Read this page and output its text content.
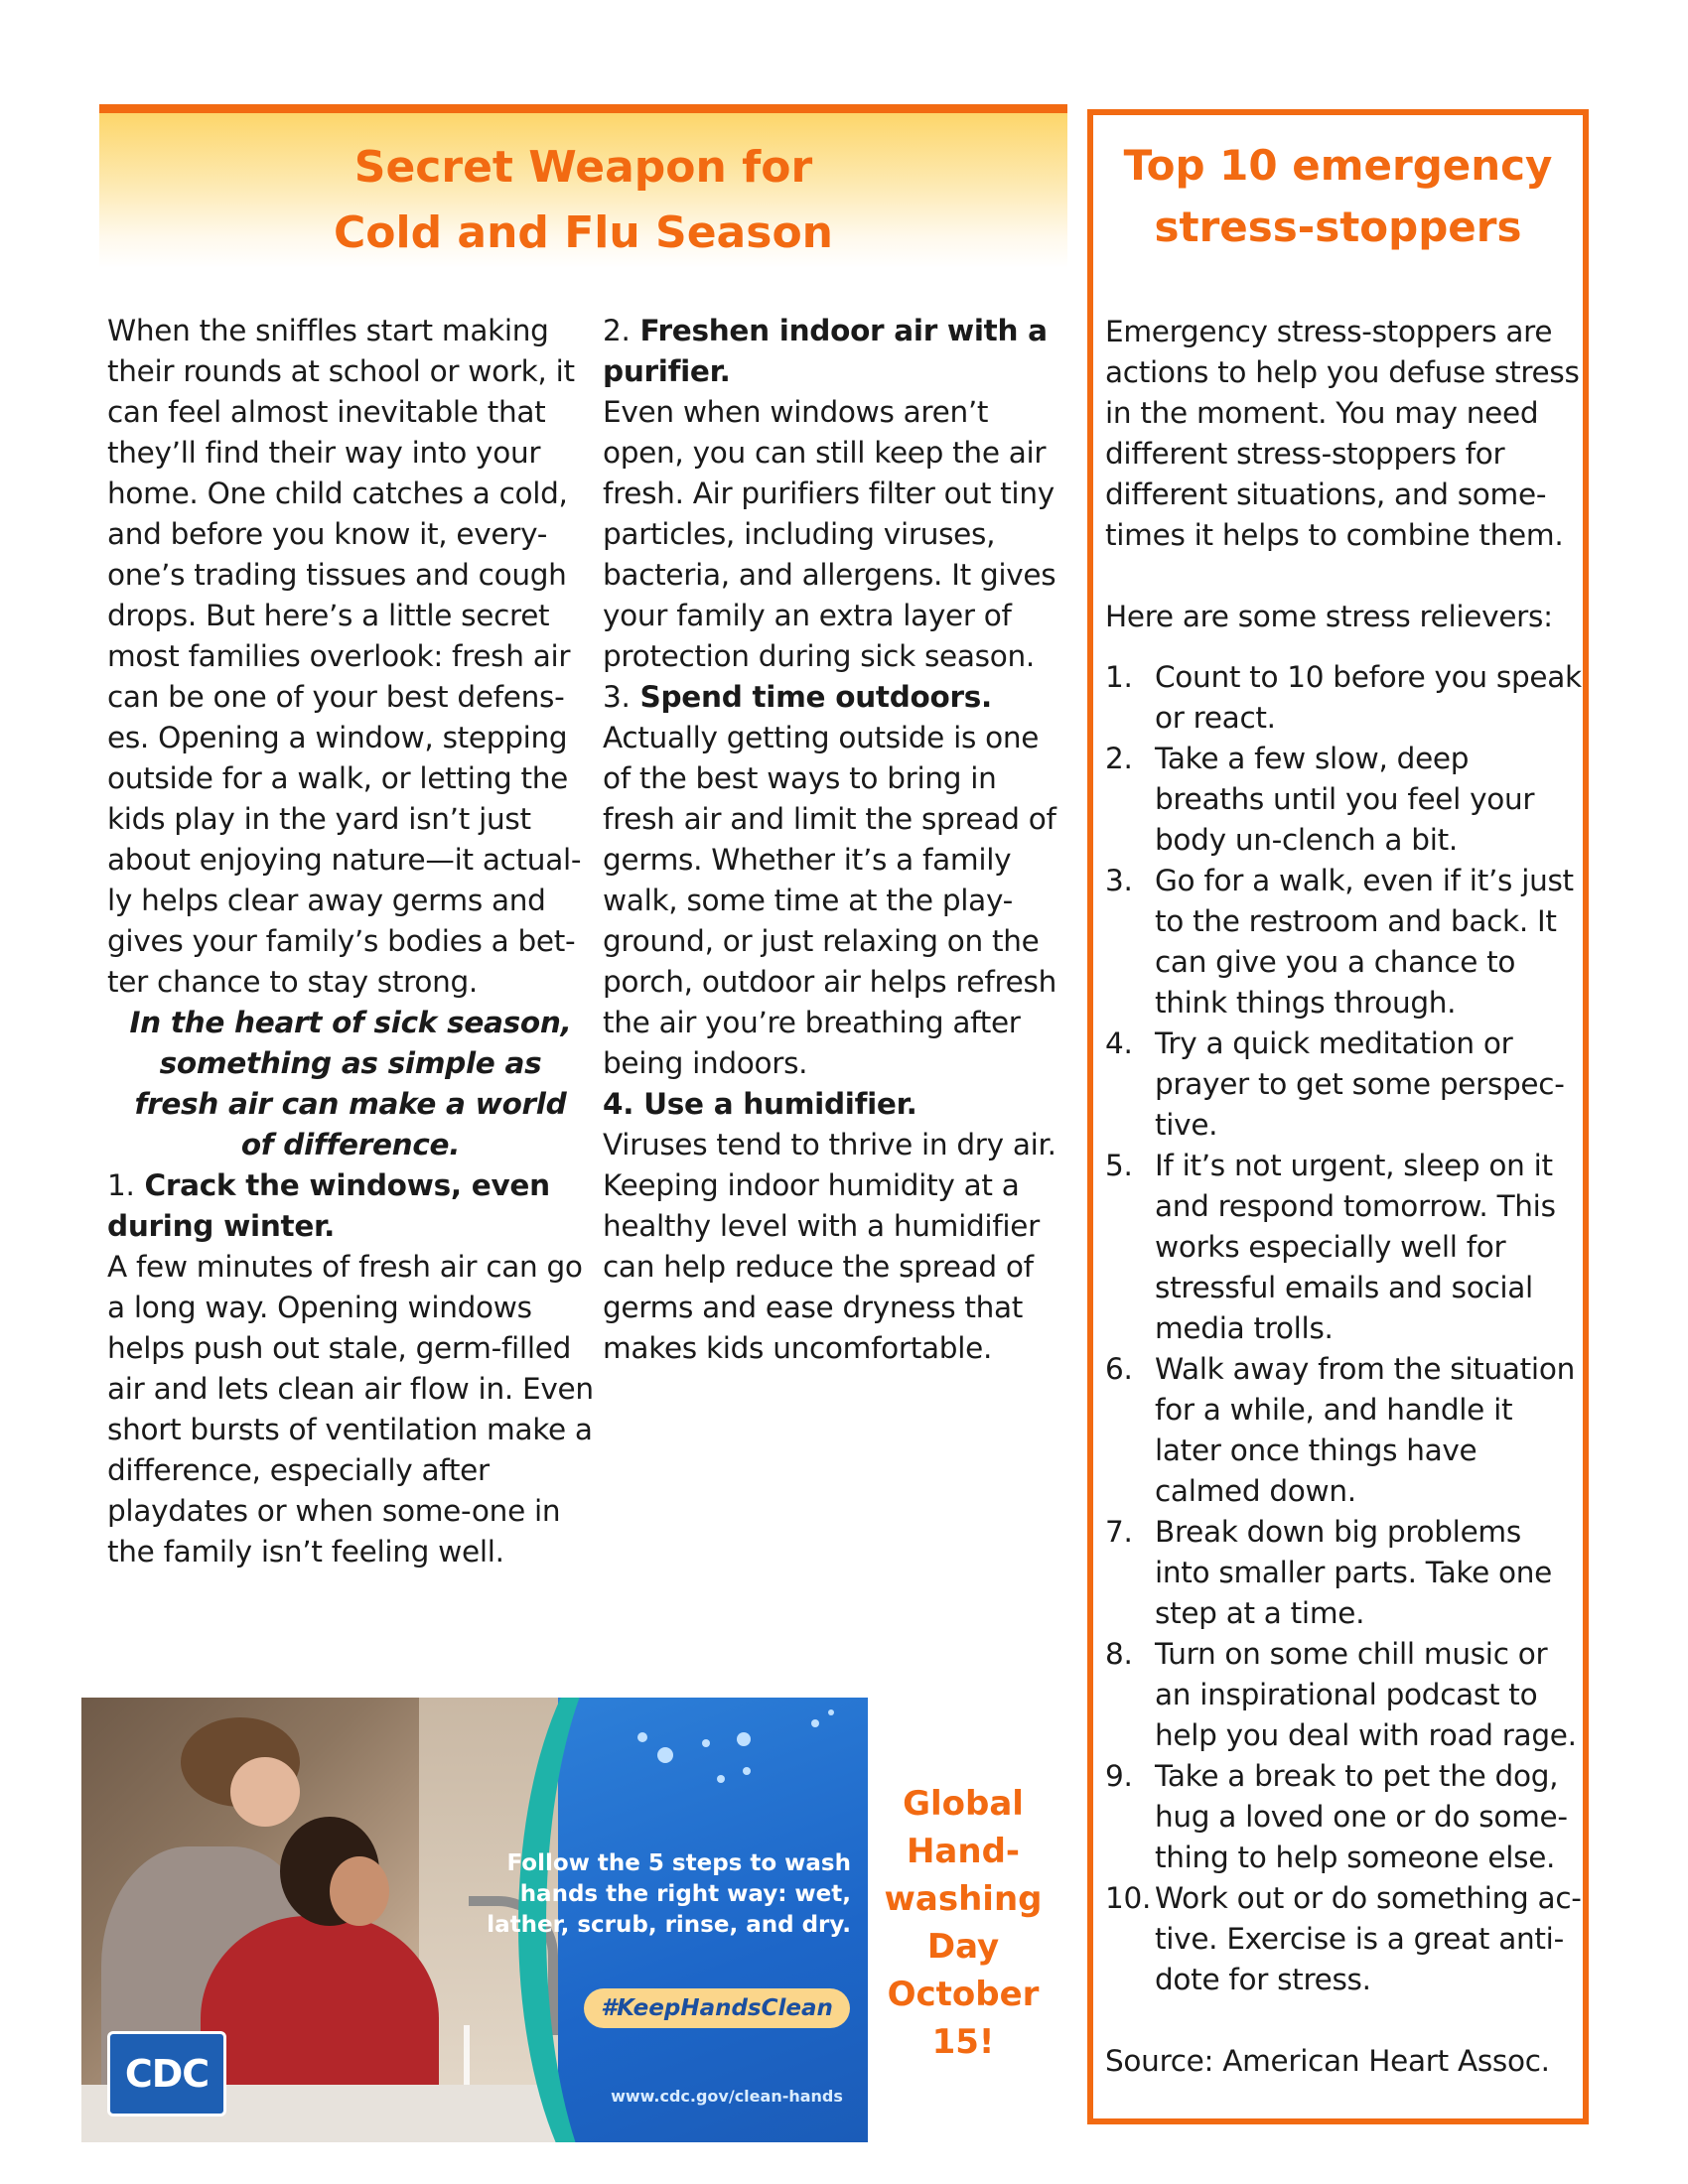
Secret Weapon for
Cold and Flu Season

When the sniffles start making their rounds at school or work, it can feel almost inevitable that they’ll find their way into your home. One child catches a cold, and before you know it, every-one’s trading tissues and cough drops. But here’s a little secret most families overlook: fresh air can be one of your best defens-es. Opening a window, stepping outside for a walk, or letting the kids play in the yard isn’t just about enjoying nature—it actual-ly helps clear away germs and gives your family’s bodies a bet-ter chance to stay strong.

In the heart of sick season, something as simple as fresh air can make a world of difference.

1. Crack the windows, even during winter.

A few minutes of fresh air can go a long way. Opening windows helps push out stale, germ-filled air and lets clean air flow in. Even short bursts of ventilation make a difference, especially after playdates or when some-one in the family isn’t feeling well.

2. Freshen indoor air with a purifier.

Even when windows aren’t open, you can still keep the air fresh. Air purifiers filter out tiny particles, including viruses, bacteria, and allergens. It gives your family an extra layer of protection during sick season.

3. Spend time outdoors.

Actually getting outside is one of the best ways to bring in fresh air and limit the spread of germs. Whether it’s a family walk, some time at the play-ground, or just relaxing on the porch, outdoor air helps refresh the air you’re breathing after being indoors.

4. Use a humidifier.

Viruses tend to thrive in dry air. Keeping indoor humidity at a healthy level with a humidifier can help reduce the spread of germs and ease dryness that makes kids uncomfortable.

Top 10 emergency
stress-stoppers

Emergency stress-stoppers are actions to help you defuse stress in the moment. You may need different stress-stoppers for different situations, and some-times it helps to combine them.

Here are some stress relievers:

1. Count to 10 before you speak or react.
2. Take a few slow, deep breaths until you feel your body un-clench a bit.
3. Go for a walk, even if it’s just to the restroom and back. It can give you a chance to think things through.
4. Try a quick meditation or prayer to get some perspec-tive.
5. If it’s not urgent, sleep on it and respond tomorrow. This works especially well for stressful emails and social media trolls.
6. Walk away from the situation for a while, and handle it later once things have calmed down.
7. Break down big problems into smaller parts. Take one step at a time.
8. Turn on some chill music or an inspirational podcast to help you deal with road rage.
9. Take a break to pet the dog, hug a loved one or do some-thing to help someone else.
10. Work out or do something ac-tive. Exercise is a great anti-dote for stress.

Source: American Heart Assoc.

Follow the 5 steps to wash hands the right way: wet, lather, scrub, rinse, and dry.

#KeepHandsClean
www.cdc.gov/clean-hands
CDC
Global
Hand-
washing
Day
October
15!
